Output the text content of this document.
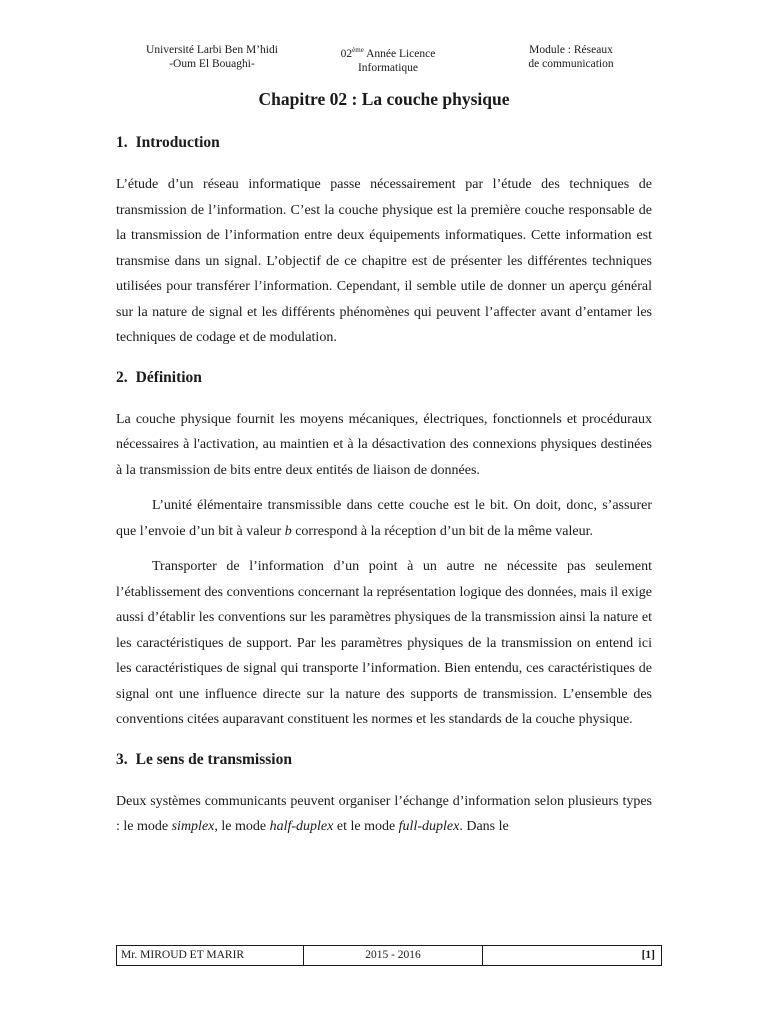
Université Larbi Ben M’hidi
-Oum El Bouaghi-
02ème Année Licence
Informatique
Module : Réseaux
de communication
Chapitre 02 : La couche physique
1. Introduction

L’étude d’un réseau informatique passe nécessairement par l’étude des techniques de transmission de l’information. C’est la couche physique est la première couche responsable de la transmission de l’information entre deux équipements informatiques. Cette information est transmise dans un signal. L’objectif de ce chapitre est de présenter les différentes techniques utilisées pour transférer l’information. Cependant, il semble utile de donner un aperçu général sur la nature de signal et les différents phénomènes qui peuvent l’affecter avant d’entamer les techniques de codage et de modulation.

2. Définition

La couche physique fournit les moyens mécaniques, électriques, fonctionnels et procéduraux nécessaires à l'activation, au maintien et à la désactivation des connexions physiques destinées à la transmission de bits entre deux entités de liaison de données.

L’unité élémentaire transmissible dans cette couche est le bit. On doit, donc, s’assurer que l’envoie d’un bit à valeur b correspond à la réception d’un bit de la même valeur.

Transporter de l’information d’un point à un autre ne nécessite pas seulement l’établissement des conventions concernant la représentation logique des données, mais il exige aussi d’établir les conventions sur les paramètres physiques de la transmission ainsi la nature et les caractéristiques de support. Par les paramètres physiques de la transmission on entend ici les caractéristiques de signal qui transporte l’information. Bien entendu, ces caractéristiques de signal ont une influence directe sur la nature des supports de transmission. L’ensemble des conventions citées auparavant constituent les normes et les standards de la couche physique.

3. Le sens de transmission

Deux systèmes communicants peuvent organiser l’échange d’information selon plusieurs types : le mode simplex, le mode half-duplex et le mode full-duplex. Dans le

Mr. MIROUD ET MARIR	2015 - 2016	[1]
